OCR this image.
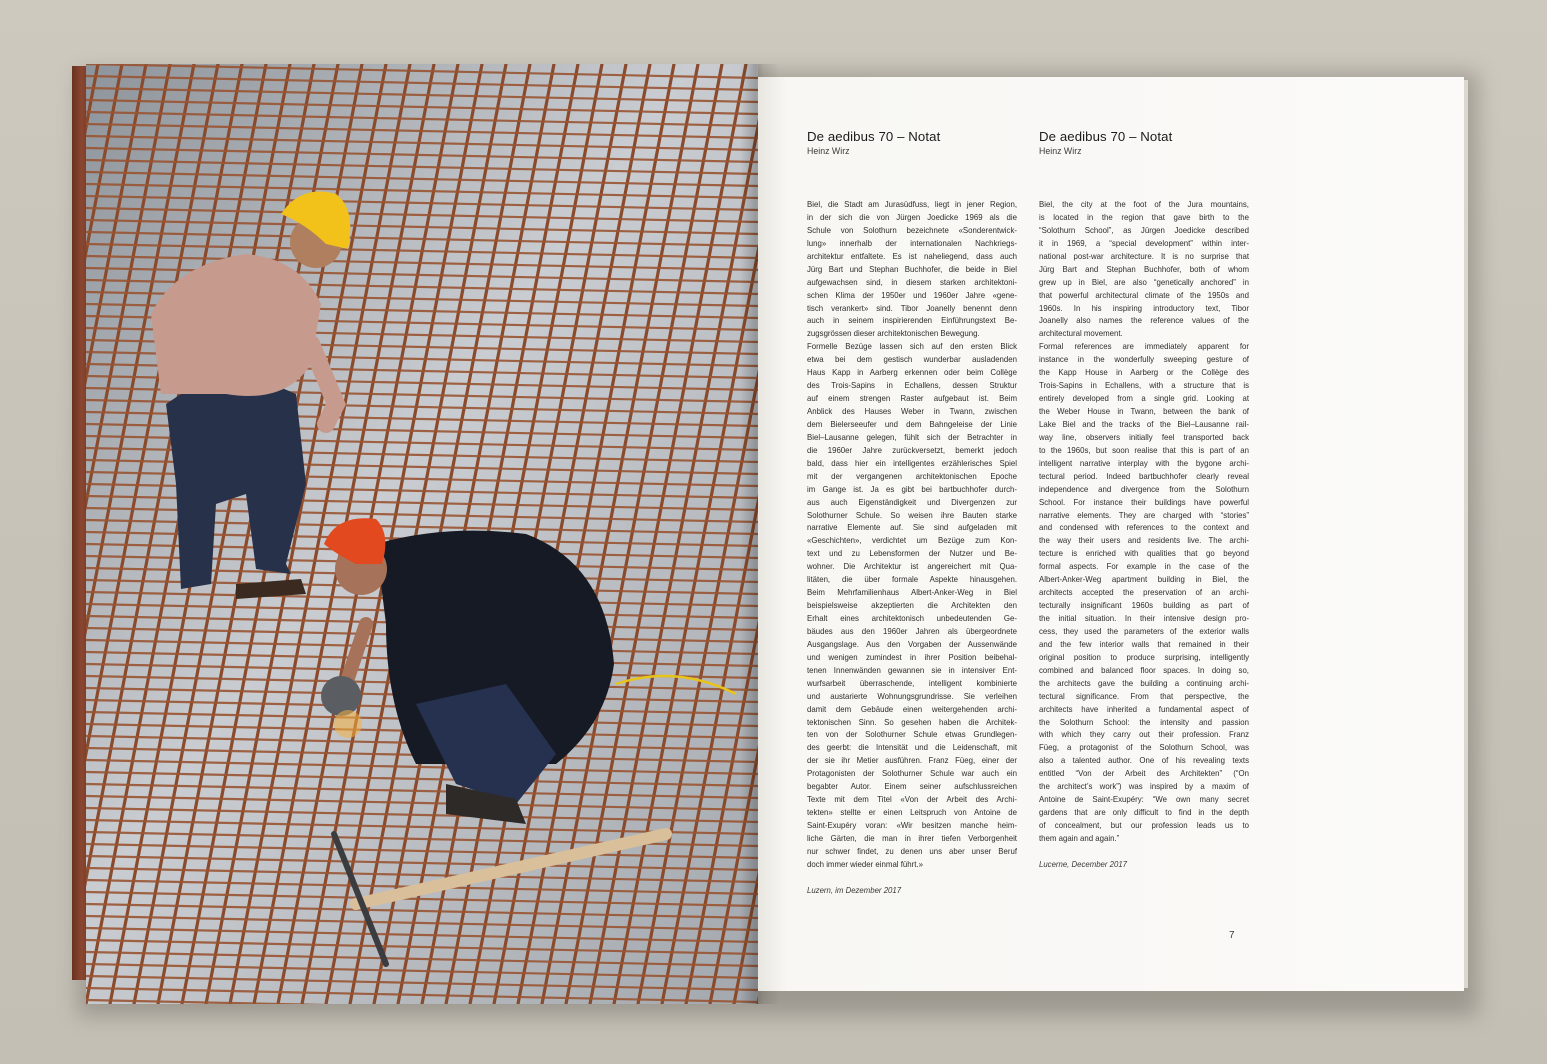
De aedibus 70 – Notat
Heinz Wirz
Biel, die Stadt am Jurasüdfuss, liegt in jener Region,
in der sich die von Jürgen Joedicke 1969 als die
Schule von Solothurn bezeichnete «Sonderentwick-
lung» innerhalb der internationalen Nachkriegs-
architektur entfaltete. Es ist naheliegend, dass auch
Jürg Bart und Stephan Buchhofer, die beide in Biel
aufgewachsen sind, in diesem starken architektoni-
schen Klima der 1950er und 1960er Jahre «gene-
tisch verankert» sind. Tibor Joanelly benennt denn
auch in seinem inspirierenden Einführungstext Be-
zugsgrössen dieser architektonischen Bewegung.
Formelle Bezüge lassen sich auf den ersten Blick
etwa bei dem gestisch wunderbar ausladenden
Haus Kapp in Aarberg erkennen oder beim Collège
des Trois-Sapins in Echallens, dessen Struktur
auf einem strengen Raster aufgebaut ist. Beim
Anblick des Hauses Weber in Twann, zwischen
dem Bielerseeufer und dem Bahngeleise der Linie
Biel–Lausanne gelegen, fühlt sich der Betrachter in
die 1960er Jahre zurückversetzt, bemerkt jedoch
bald, dass hier ein intelligentes erzählerisches Spiel
mit der vergangenen architektonischen Epoche
im Gange ist. Ja es gibt bei bartbuchhofer durch-
aus auch Eigenständigkeit und Divergenzen zur
Solothurner Schule. So weisen ihre Bauten starke
narrative Elemente auf. Sie sind aufgeladen mit
«Geschichten», verdichtet um Bezüge zum Kon-
text und zu Lebensformen der Nutzer und Be-
wohner. Die Architektur ist angereichert mit Qua-
litäten, die über formale Aspekte hinausgehen.
Beim Mehrfamilienhaus Albert-Anker-Weg in Biel
beispielsweise akzeptierten die Architekten den
Erhalt eines architektonisch unbedeutenden Ge-
bäudes aus den 1960er Jahren als übergeordnete
Ausgangslage. Aus den Vorgaben der Aussenwände
und wenigen zumindest in ihrer Position beibehal-
tenen Innenwänden gewannen sie in intensiver Ent-
wurfsarbeit überraschende, intelligent kombinierte
und austarierte Wohnungsgrundrisse. Sie verleihen
damit dem Gebäude einen weitergehenden archi-
tektonischen Sinn. So gesehen haben die Architek-
ten von der Solothurner Schule etwas Grundlegen-
des geerbt: die Intensität und die Leidenschaft, mit
der sie ihr Metier ausführen. Franz Füeg, einer der
Protagonisten der Solothurner Schule war auch ein
begabter Autor. Einem seiner aufschlussreichen
Texte mit dem Titel «Von der Arbeit des Archi-
tekten» stellte er einen Leitspruch von Antoine de
Saint-Exupéry voran: «Wir besitzen manche heim-
liche Gärten, die man in ihrer tiefen Verborgenheit
nur schwer findet, zu denen uns aber unser Beruf
doch immer wieder einmal führt.»
Luzern, im Dezember 2017
De aedibus 70 – Notat
Heinz Wirz
Biel, the city at the foot of the Jura mountains,
is located in the region that gave birth to the
“Solothurn School”, as Jürgen Joedicke described
it in 1969, a “special development” within inter-
national post-war architecture. It is no surprise that
Jürg Bart and Stephan Buchhofer, both of whom
grew up in Biel, are also “genetically anchored” in
that powerful architectural climate of the 1950s and
1960s. In his inspiring introductory text, Tibor
Joanelly also names the reference values of the
architectural movement.
Formal references are immediately apparent for
instance in the wonderfully sweeping gesture of
the Kapp House in Aarberg or the Collège des
Trois-Sapins in Echallens, with a structure that is
entirely developed from a single grid. Looking at
the Weber House in Twann, between the bank of
Lake Biel and the tracks of the Biel–Lausanne rail-
way line, observers initially feel transported back
to the 1960s, but soon realise that this is part of an
intelligent narrative interplay with the bygone archi-
tectural period. Indeed bartbuchhofer clearly reveal
independence and divergence from the Solothurn
School. For instance their buildings have powerful
narrative elements. They are charged with “stories”
and condensed with references to the context and
the way their users and residents live. The archi-
tecture is enriched with qualities that go beyond
formal aspects. For example in the case of the
Albert-Anker-Weg apartment building in Biel, the
architects accepted the preservation of an archi-
tecturally insignificant 1960s building as part of
the initial situation. In their intensive design pro-
cess, they used the parameters of the exterior walls
and the few interior walls that remained in their
original position to produce surprising, intelligently
combined and balanced floor spaces. In doing so,
the architects gave the building a continuing archi-
tectural significance. From that perspective, the
architects have inherited a fundamental aspect of
the Solothurn School: the intensity and passion
with which they carry out their profession. Franz
Füeg, a protagonist of the Solothurn School, was
also a talented author. One of his revealing texts
entitled “Von der Arbeit des Architekten” (“On
the architect’s work”) was inspired by a maxim of
Antoine de Saint-Exupéry: “We own many secret
gardens that are only difficult to find in the depth
of concealment, but our profession leads us to
them again and again.”
Lucerne, December 2017
7
